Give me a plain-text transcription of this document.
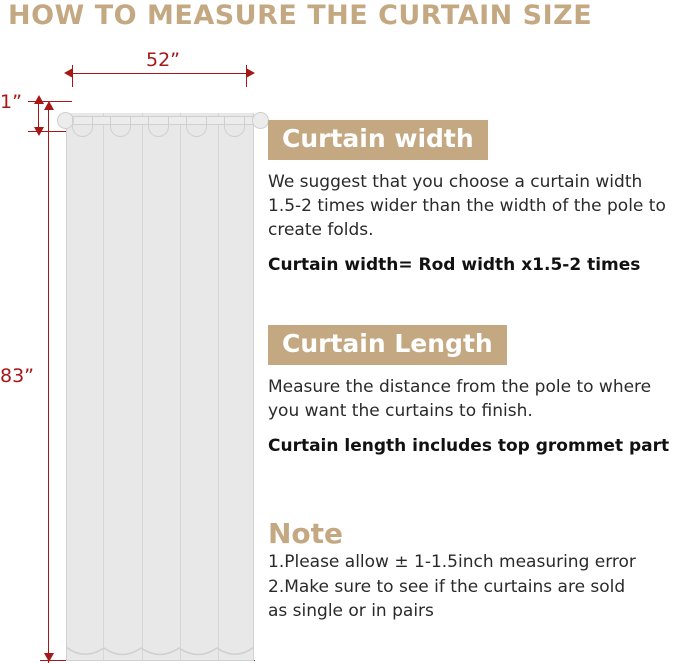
HOW TO MEASURE THE CURTAIN SIZE
52”
1”
83”
Curtain width
We suggest that you choose a curtain width 1.5-2 times wider than the width of the pole to create folds.
Curtain width= Rod width x1.5-2 times
Curtain Length
Measure the distance from the pole to where you want the curtains to finish.
Curtain length includes top grommet part
Note
1.Please allow ± 1-1.5inch measuring error
2.Make sure to see if the curtains are sold
as single or in pairs
